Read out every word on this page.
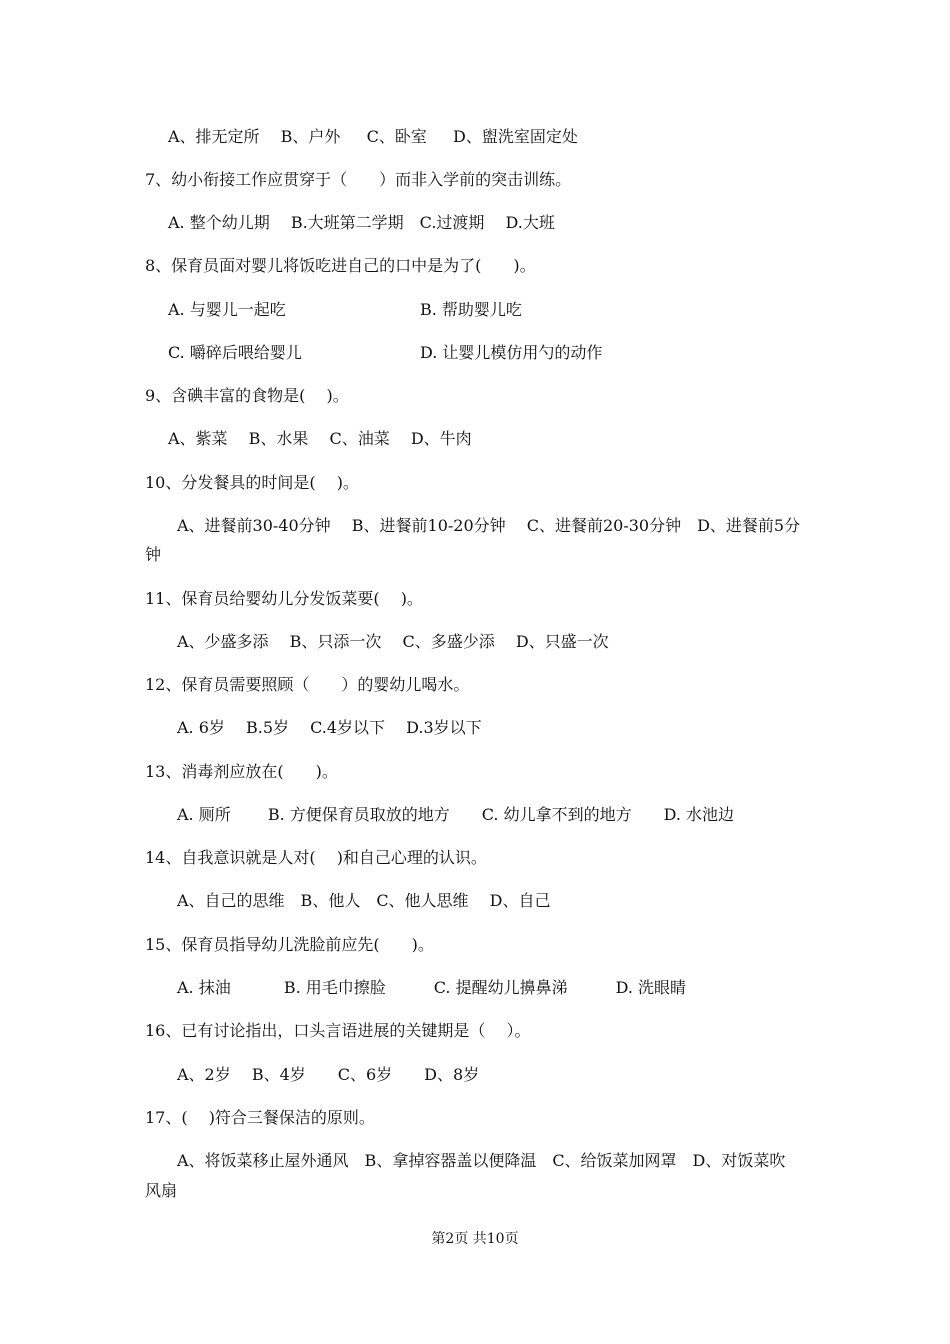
A、排无定所　 B、户外 　 C、卧室 　 D、盥洗室固定处
7、幼小衔接工作应贯穿于（　　）而非入学前的突击训练。
A. 整个幼儿期　 B.大班第二学期　C.过渡期　 D.大班
8、保育员面对婴儿将饭吃进自己的口中是为了(　　)。
A. 与婴儿一起吃	B. 帮助婴儿吃
C. 嚼碎后喂给婴儿	D. 让婴儿模仿用勺的动作
9、含碘丰富的食物是(　 )。
A、紫菜　 B、水果　 C、油菜　 D、牛肉
10、分发餐具的时间是(　 )。
A、进餐前30-40分钟　 B、进餐前10-20分钟　 C、进餐前20-30分钟　D、进餐前5分
钟
11、保育员给婴幼儿分发饭菜要(　 )。
A、少盛多添　 B、只添一次　 C、多盛少添　 D、只盛一次
12、保育员需要照顾（　　）的婴幼儿喝水。
A. 6岁　 B.5岁　 C.4岁以下　 D.3岁以下
13、消毒剂应放在(　　)。
A. 厕所　　 B. 方便保育员取放的地方　　C. 幼儿拿不到的地方　　D. 水池边
14、自我意识就是人对(　 )和自己心理的认识。
A、自己的思维　B、他人　C、他人思维　 D、自己
15、保育员指导幼儿洗脸前应先(　　)。
A. 抹油　　　 B. 用毛巾擦脸　　　C. 提醒幼儿擤鼻涕　　　D. 洗眼睛
16、已有讨论指出，口头言语进展的关键期是（　 ）。
A、2岁　 B、4岁　　C、6岁　　D、8岁
17、(　 )符合三餐保洁的原则。
A、将饭菜移止屋外通风　B、拿掉容器盖以便降温　C、给饭菜加网罩　D、对饭菜吹
风扇
第2页 共10页
